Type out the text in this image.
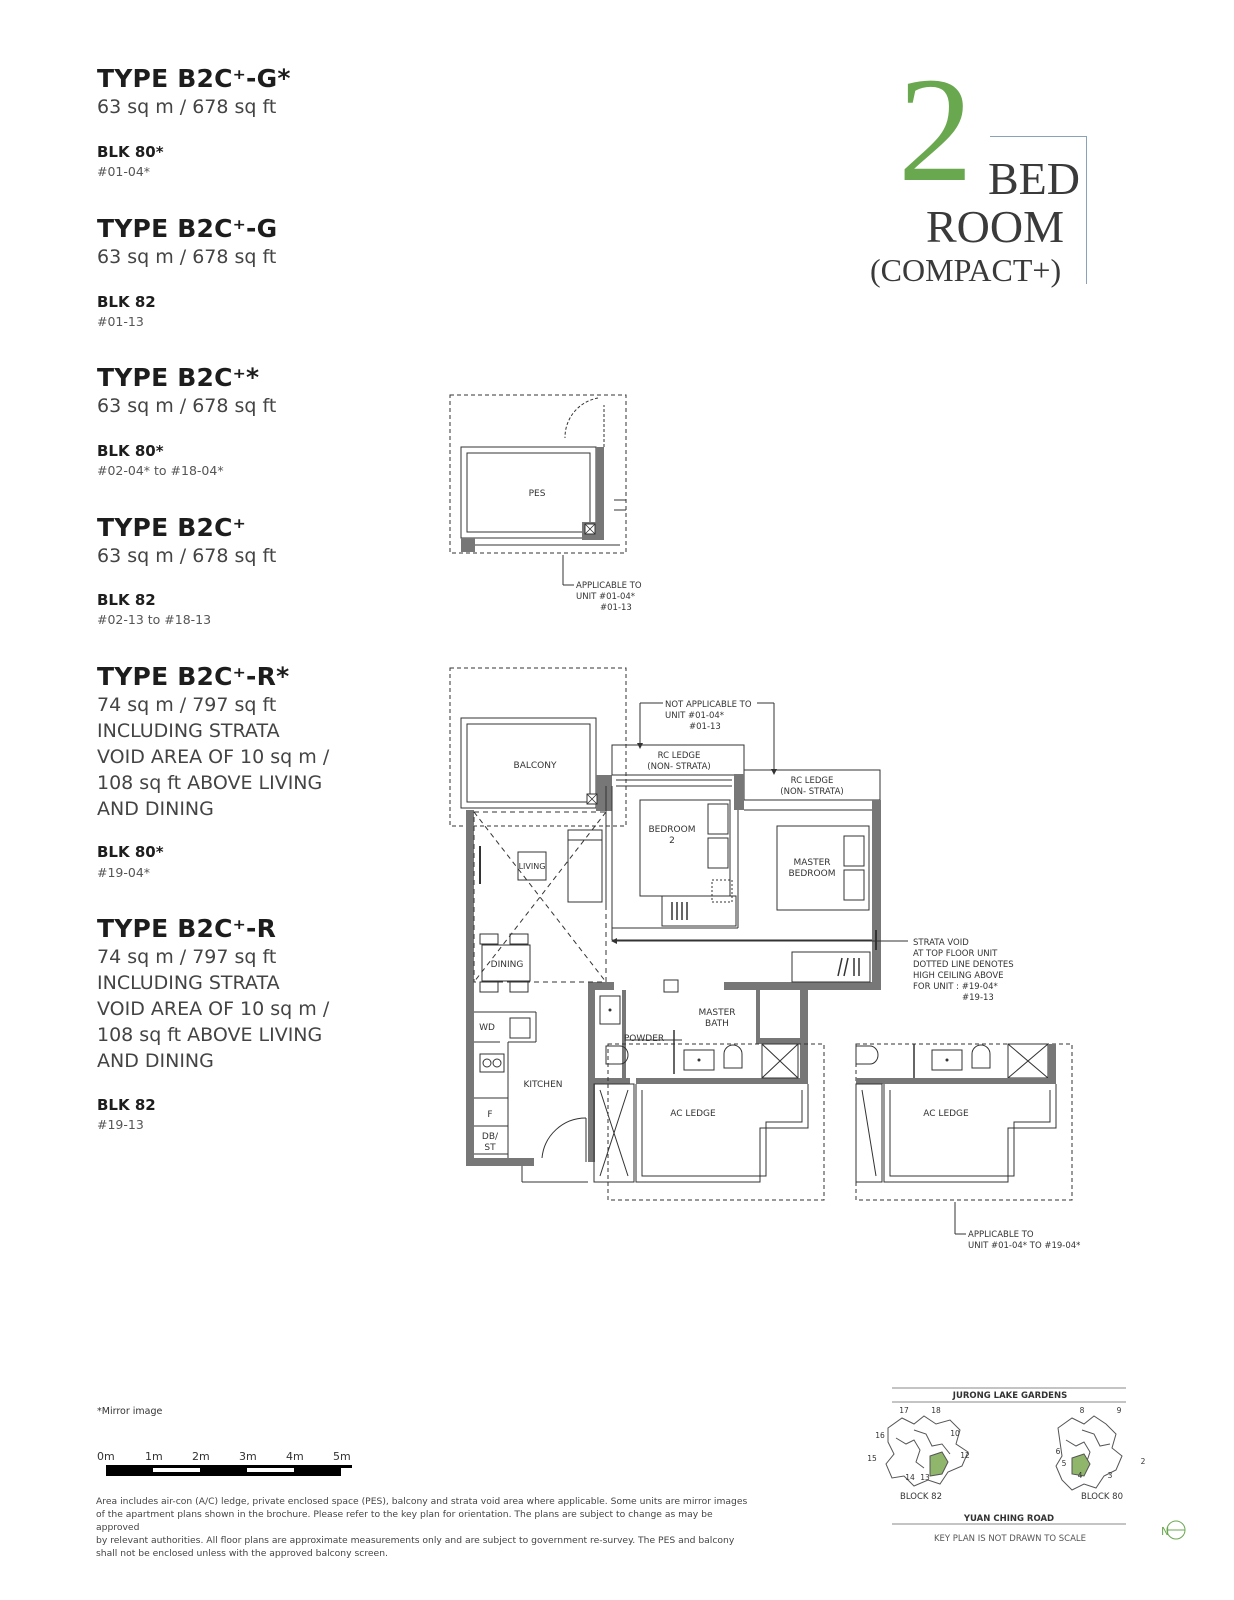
TYPE B2C⁺-G*
63 sq m / 678 sq ft
BLK 80*
#01-04*
TYPE B2C⁺-G
63 sq m / 678 sq ft
BLK 82
#01-13
TYPE B2C⁺*
63 sq m / 678 sq ft
BLK 80*
#02-04* to #18-04*
TYPE B2C⁺
63 sq m / 678 sq ft
BLK 82
#02-13 to #18-13
TYPE B2C⁺-R*
74 sq m / 797 sq ft
INCLUDING STRATA
VOID AREA OF 10 sq m /
108 sq ft ABOVE LIVING
AND DINING
BLK 80*
#19-04*
TYPE B2C⁺-R
74 sq m / 797 sq ft
INCLUDING STRATA
VOID AREA OF 10 sq m /
108 sq ft ABOVE LIVING
AND DINING
BLK 82
#19-13
2 BED
ROOM
(COMPACT+)
PES
APPLICABLE TO
UNIT #01-04*
#01-13
BALCONY
NOT APPLICABLE TO
UNIT #01-04*
#01-13
RC LEDGE
(NON- STRATA)
RC LEDGE
(NON- STRATA)
BEDROOM
2
MASTER
BEDROOM
LIVING
DINING
WD
KITCHEN
F
DB/
ST
POWDER
MASTER
BATH
AC LEDGE	AC LEDGE
STRATA VOID
AT TOP FLOOR UNIT
DOTTED LINE DENOTES
HIGH CEILING ABOVE
FOR UNIT : #19-04*
#19-13
APPLICABLE TO
UNIT #01-04* TO #19-04*
JURONG LAKE GARDENS
YUAN CHING ROAD
KEY PLAN IS NOT DRAWN TO SCALE
BLOCK 82	BLOCK 80
17	18
16	10
15	12
14 13
8	9
6
5
4	3
2
N
*Mirror image
0m	1m	2m	3m	4m	5m
Area includes air-con (A/C) ledge, private enclosed space (PES), balcony and strata void area where applicable. Some units are mirror images
of the apartment plans shown in the brochure. Please refer to the key plan for orientation. The plans are subject to change as may be approved
by relevant authorities. All floor plans are approximate measurements only and are subject to government re-survey. The PES and balcony
shall not be enclosed unless with the approved balcony screen.
